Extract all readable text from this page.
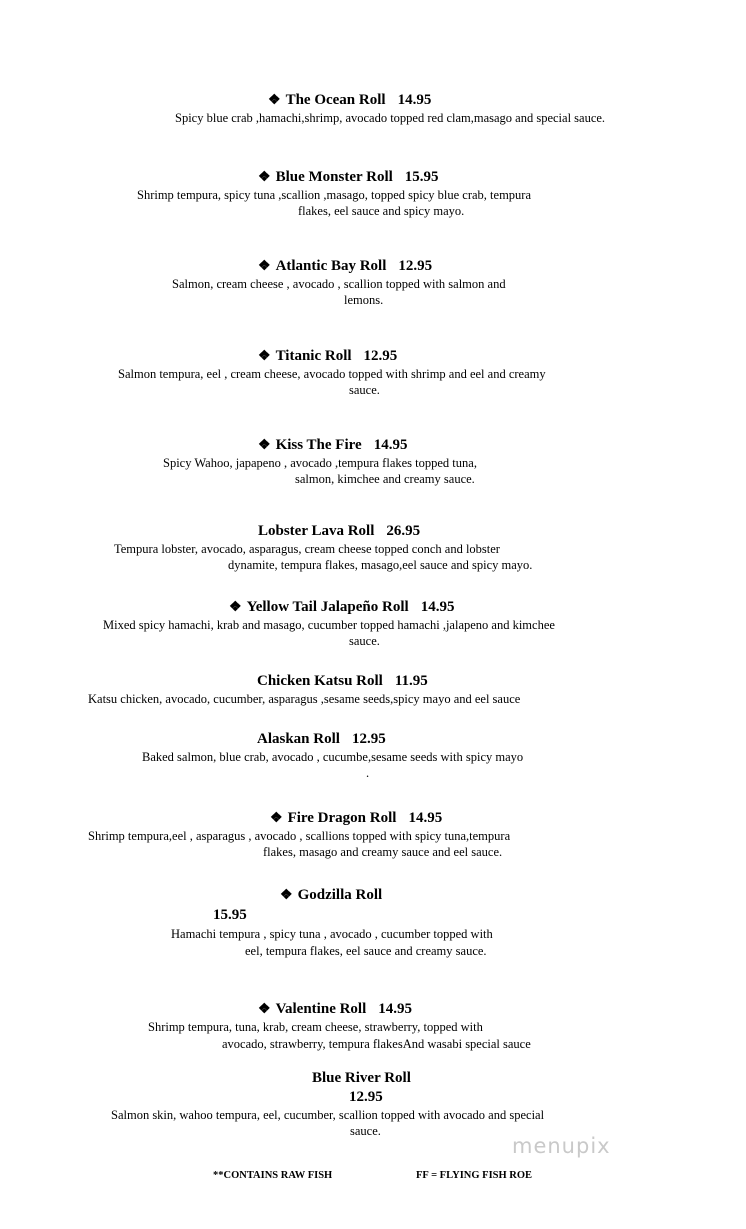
❖ The Ocean Roll 14.95
Spicy blue crab ,hamachi,shrimp, avocado topped red clam,masago and special sauce.
❖ Blue Monster Roll 15.95
Shrimp tempura, spicy tuna ,scallion ,masago, topped spicy blue crab, tempura
flakes, eel sauce and spicy mayo.
❖ Atlantic Bay Roll 12.95
Salmon, cream cheese , avocado , scallion topped with salmon and
lemons.
❖ Titanic Roll 12.95
Salmon tempura, eel , cream cheese, avocado topped with shrimp and eel and creamy
sauce.
❖ Kiss The Fire 14.95
Spicy Wahoo, japapeno , avocado ,tempura flakes topped tuna,
salmon, kimchee and creamy sauce.
Lobster Lava Roll 26.95
Tempura lobster, avocado, asparagus, cream cheese topped conch and lobster
dynamite, tempura flakes, masago,eel sauce and spicy mayo.
❖ Yellow Tail Jalapeño Roll 14.95
Mixed spicy hamachi, krab and masago, cucumber topped hamachi ,jalapeno and kimchee
sauce.
Chicken Katsu Roll 11.95
Katsu chicken, avocado, cucumber, asparagus ,sesame seeds,spicy mayo and eel sauce
Alaskan Roll 12.95
Baked salmon, blue crab, avocado , cucumbe,sesame seeds with spicy mayo
.
❖ Fire Dragon Roll 14.95
Shrimp tempura,eel , asparagus , avocado , scallions topped with spicy tuna,tempura
flakes, masago and creamy sauce and eel sauce.
❖ Godzilla Roll
15.95
Hamachi tempura , spicy tuna , avocado , cucumber topped with
eel, tempura flakes, eel sauce and creamy sauce.
❖ Valentine Roll 14.95
Shrimp tempura, tuna, krab, cream cheese, strawberry, topped with
avocado, strawberry, tempura flakesAnd wasabi special sauce
Blue River Roll
12.95
Salmon skin, wahoo tempura, eel, cucumber, scallion topped with avocado and special
sauce.
menupix
**CONTAINS RAW FISH	FF = FLYING FISH ROE
